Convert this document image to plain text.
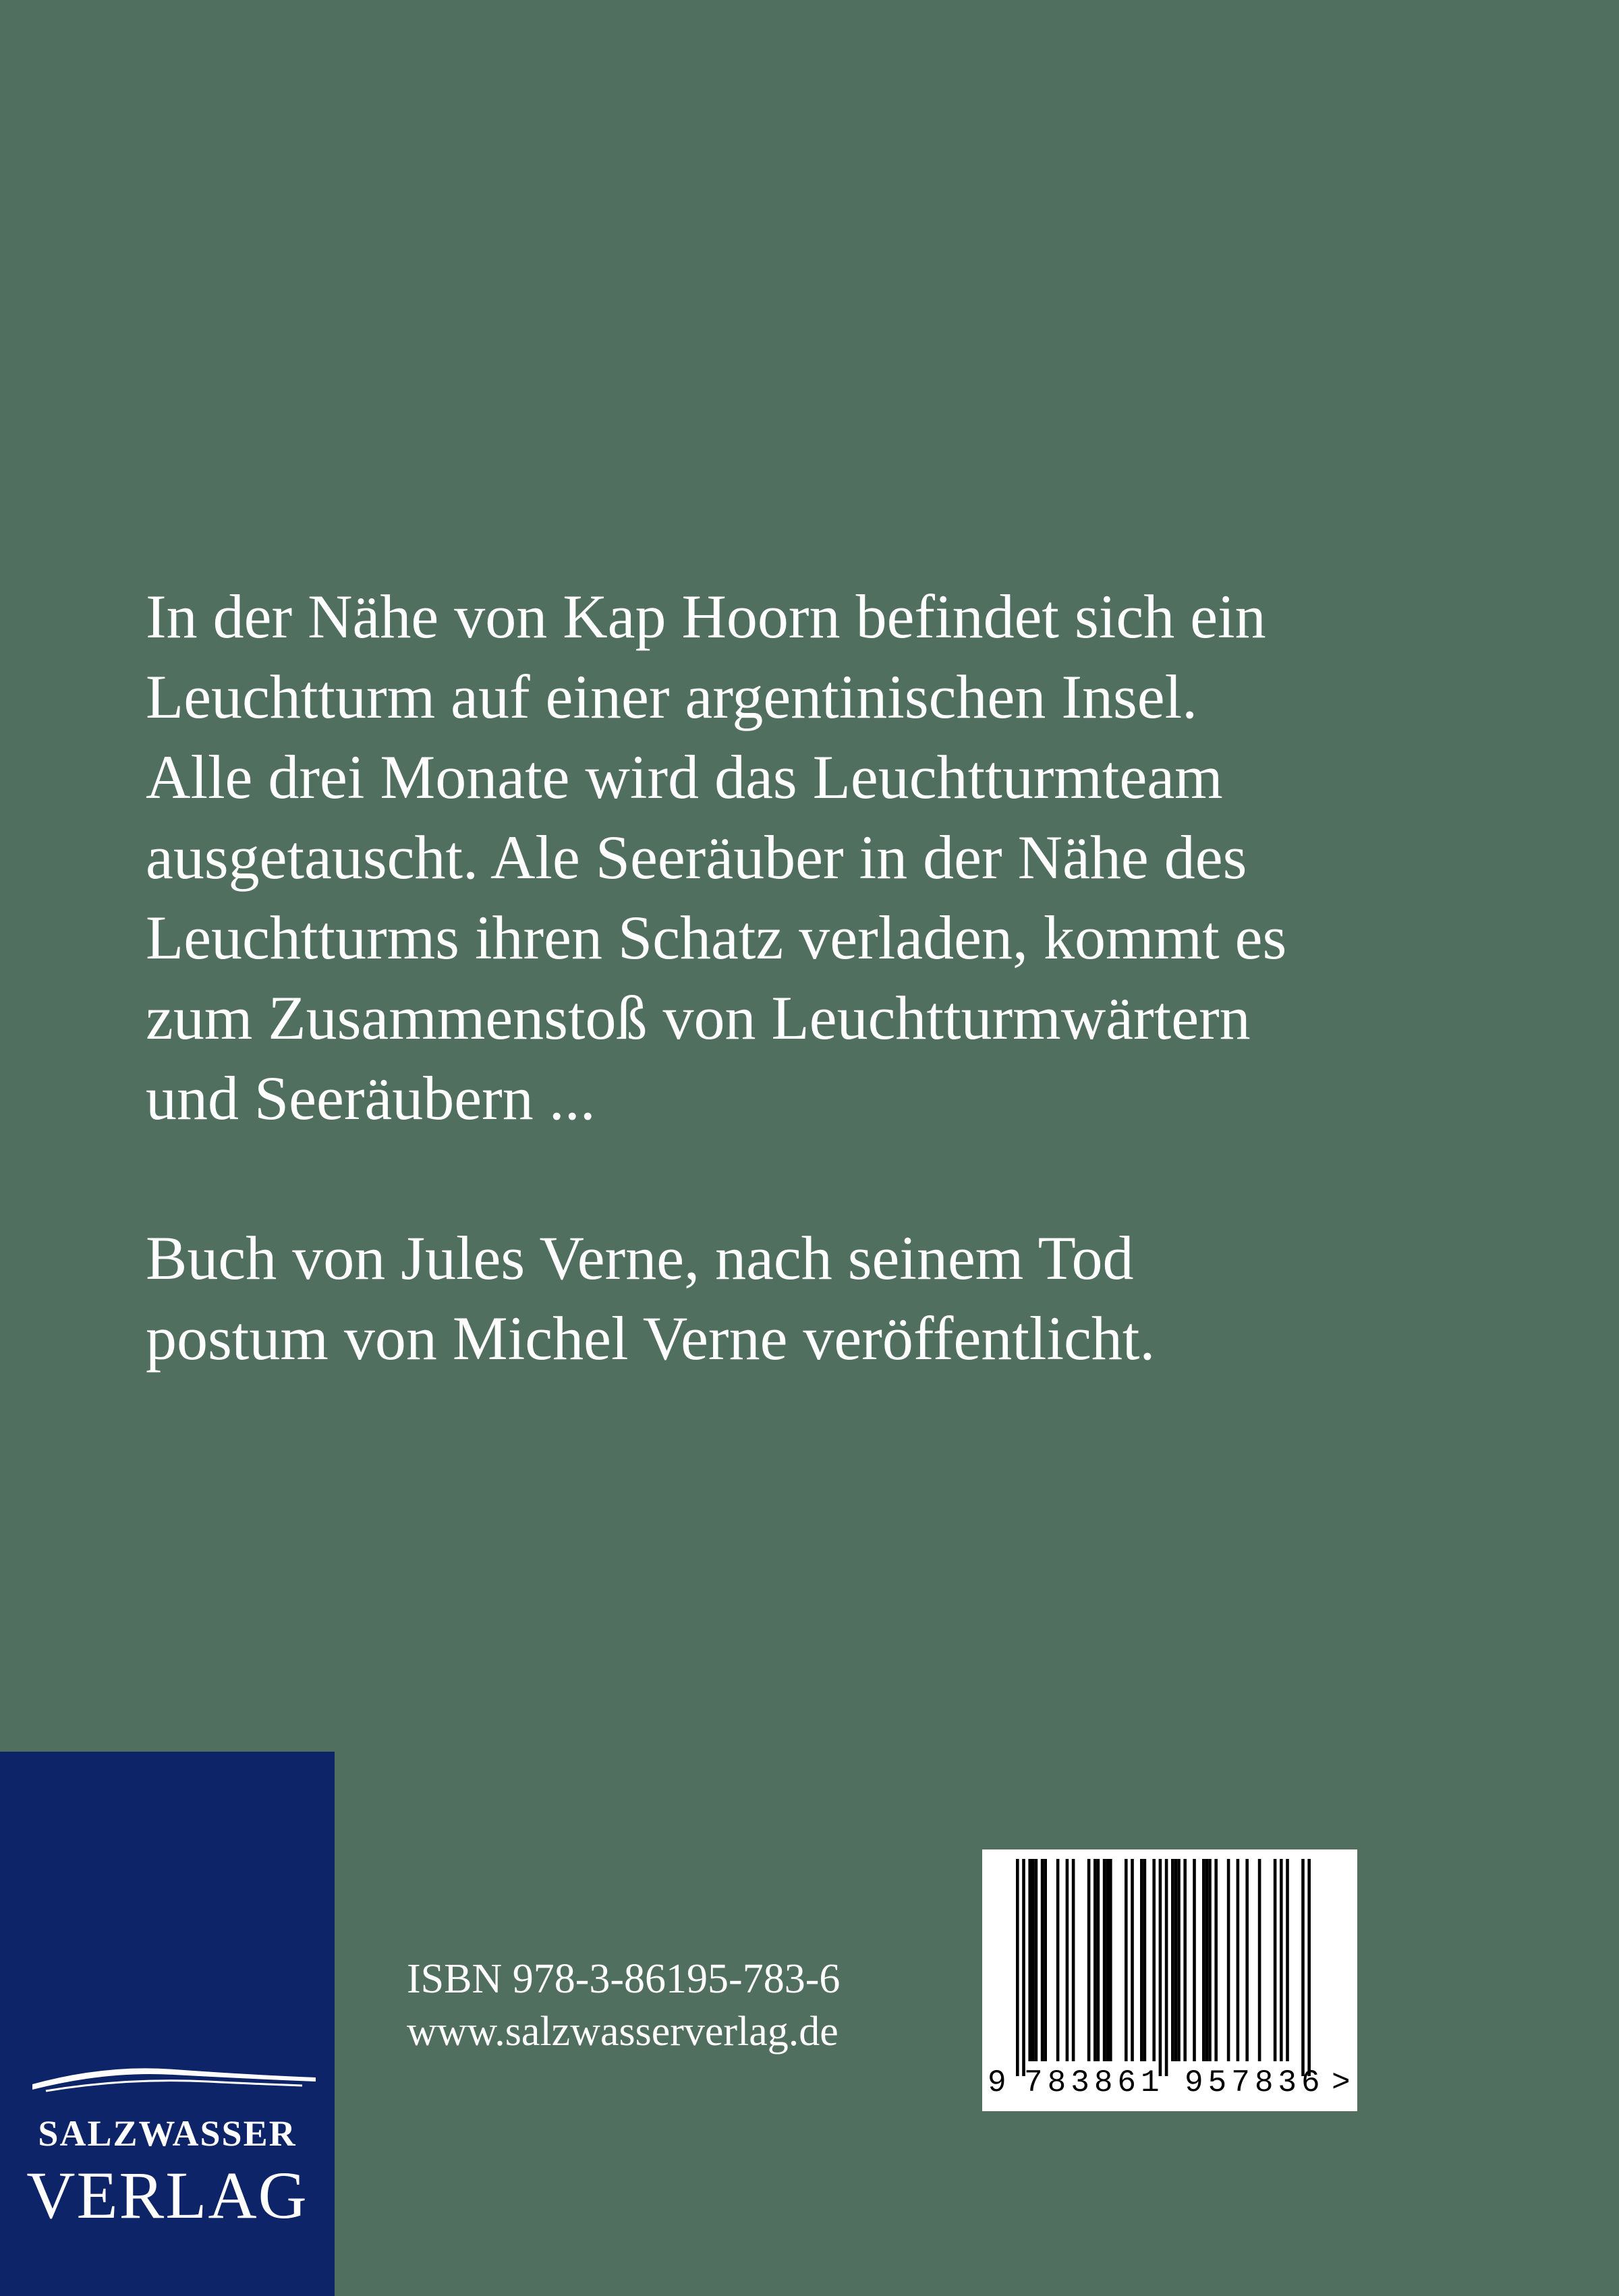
In der Nähe von Kap Hoorn befindet sich ein
Leuchtturm auf einer argentinischen Insel.
Alle drei Monate wird das Leuchtturmteam
ausgetauscht. Ale Seeräuber in der Nähe des
Leuchtturms ihren Schatz verladen, kommt es
zum Zusammenstoß von Leuchtturmwärtern
und Seeräubern ...

Buch von Jules Verne, nach seinem Tod
postum von Michel Verne veröffentlicht.

SALZWASSER
VERLAG
ISBN 978-3-86195-783-6
www.salzwasserverlag.de
9 783861 957836 >
